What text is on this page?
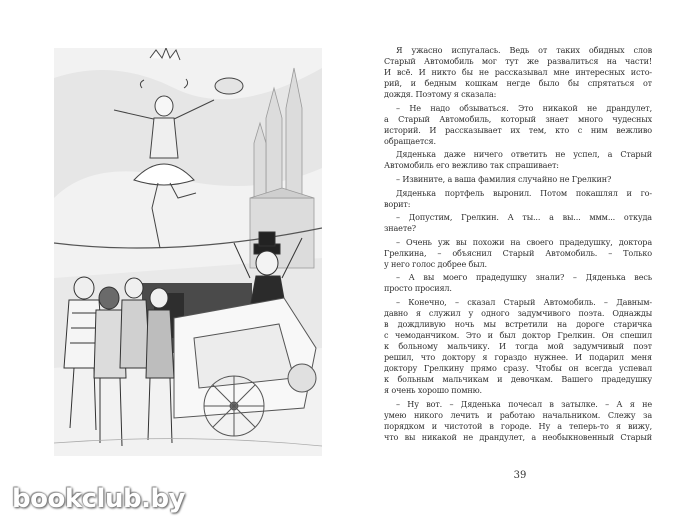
Я ужасно испугалась. Ведь от таких обидных слов
Старый Автомобиль мог тут же развалиться на части!
И всё. И никто бы не рассказывал мне интересных исто-
рий, и бедным кошкам негде было бы спрятаться от
дождя. Поэтому я сказала:
– Не надо обзываться. Это никакой не драндулет,
а Старый Автомобиль, который знает много чудесных
историй. И рассказывает их тем, кто с ним вежливо
обращается.
Дяденька даже ничего ответить не успел, а Старый
Автомобиль его вежливо так спрашивает:
– Извините, а ваша фамилия случайно не Грелкин?
Дяденька портфель выронил. Потом покашлял и го-
ворит:
– Допустим, Грелкин. А ты... а вы... ммм... откуда
знаете?
– Очень уж вы похожи на своего прадедушку, доктора
Грелкина, – объяснил Старый Автомобиль. – Только
у него голос добрее был.
– А вы моего прадедушку знали? – Дяденька весь
просто просиял.
– Конечно, – сказал Старый Автомобиль. – Давным-
давно я служил у одного задумчивого поэта. Однажды
в дождливую ночь мы встретили на дороге старичка
с чемоданчиком. Это и был доктор Грелкин. Он спешил
к больному мальчику. И тогда мой задумчивый поэт
решил, что доктору я гораздо нужнее. И подарил меня
доктору Грелкину прямо сразу. Чтобы он всегда успевал
к больным мальчикам и девочкам. Вашего прадедушку
я очень хорошо помню.
– Ну вот. – Дяденька почесал в затылке. – А я не
умею никого лечить и работаю начальником. Слежу за
порядком и чистотой в городе. Ну а теперь-то я вижу,
что вы никакой не драндулет, а необыкновенный Старый
39
bookclub.by
